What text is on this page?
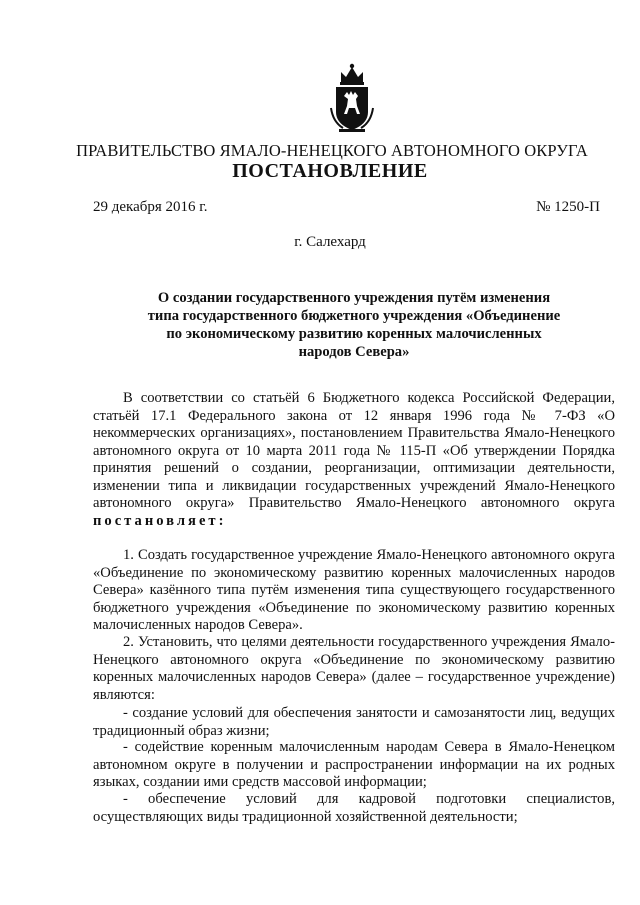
ПРАВИТЕЛЬСТВО ЯМАЛО-НЕНЕЦКОГО АВТОНОМНОГО ОКРУГА
ПОСТАНОВЛЕНИЕ
29 декабря 2016 г.	№ 1250-П
г. Салехард
О создании государственного учреждения путём изменения
типа государственного бюджетного учреждения «Объединение
по экономическому развитию коренных малочисленных
народов Севера»

В соответствии со статьёй 6 Бюджетного кодекса Российской Федерации, статьёй 17.1 Федерального закона от 12 января 1996 года № 7-ФЗ «О некоммерческих организациях», постановлением Правительства Ямало-Ненецкого автономного округа от 10 марта 2011 года № 115-П «Об утверждении Порядка принятия решений о создании, реорганизации, оптимизации деятельности, изменении типа и ликвидации государственных учреждений Ямало-Ненецкого автономного округа» Правительство Ямало-Ненецкого автономного округа постановляет:

1. Создать государственное учреждение Ямало-Ненецкого автономного округа «Объединение по экономическому развитию коренных малочисленных народов Севера» казённого типа путём изменения типа существующего государственного бюджетного учреждения «Объединение по экономическому развитию коренных малочисленных народов Севера».

2. Установить, что целями деятельности государственного учреждения Ямало-Ненецкого автономного округа «Объединение по экономическому развитию коренных малочисленных народов Севера» (далее – государственное учреждение) являются:

- создание условий для обеспечения занятости и самозанятости лиц, ведущих традиционный образ жизни;

- содействие коренным малочисленным народам Севера в Ямало-Ненецком автономном округе в получении и распространении информации на их родных языках, создании ими средств массовой информации;

- обеспечение условий для кадровой подготовки специалистов, осуществляющих виды традиционной хозяйственной деятельности;
